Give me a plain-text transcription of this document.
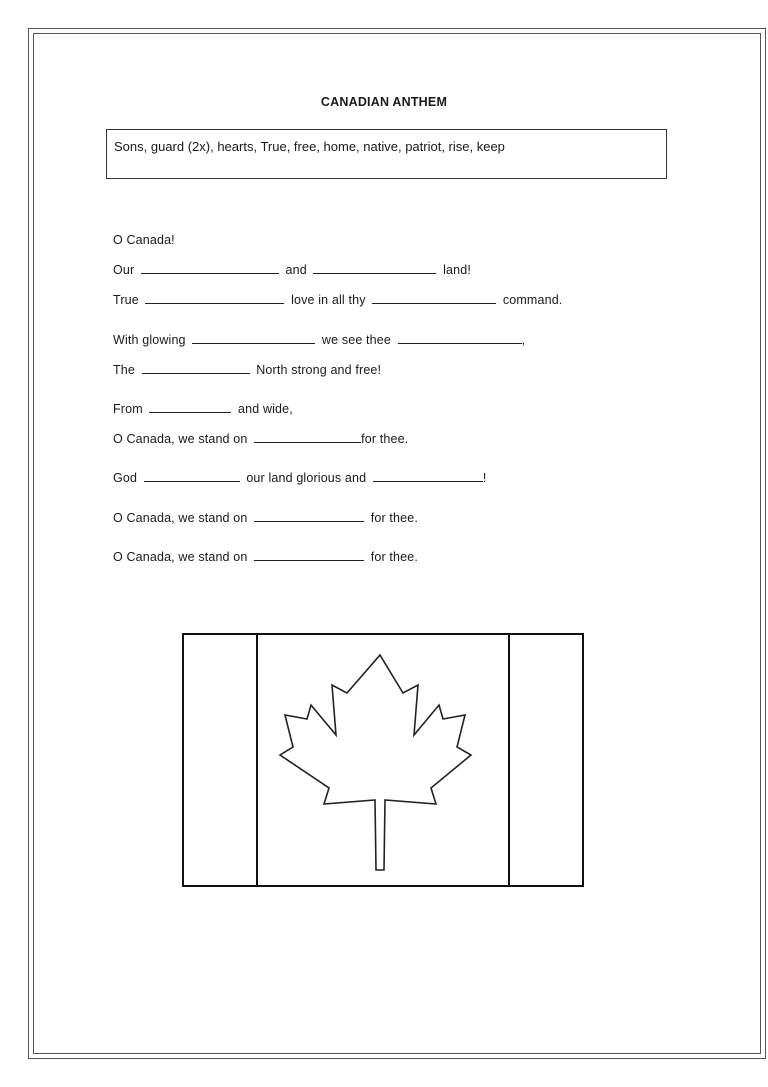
CANADIAN ANTHEM
Sons, guard (2x), hearts, True, free, home, native, patriot, rise, keep
O Canada!
Our	and	land!
True	love in all thy	command.
With glowing	we see thee	,
The	North strong and free!
From	and wide,
O Canada, we stand on	for thee.
God	our land glorious and	!
O Canada, we stand on	for thee.
O Canada, we stand on	for thee.
